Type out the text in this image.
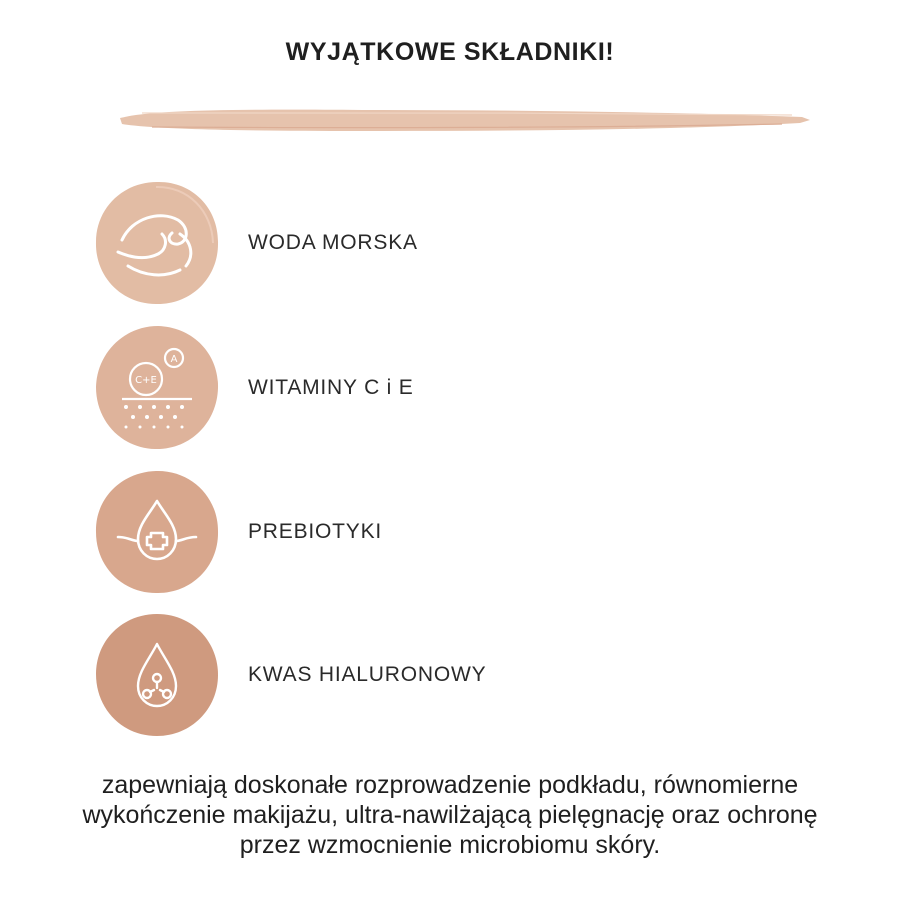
WYJĄTKOWE SKŁADNIKI!
WODA MORSKA
C+E
A
WITAMINY C i E
PREBIOTYKI
KWAS HIALURONOWY
zapewniają doskonałe rozprowadzenie podkładu, równomierne wykończenie makijażu, ultra-nawilżającą pielęgnację oraz ochronę przez wzmocnienie microbiomu skóry.
